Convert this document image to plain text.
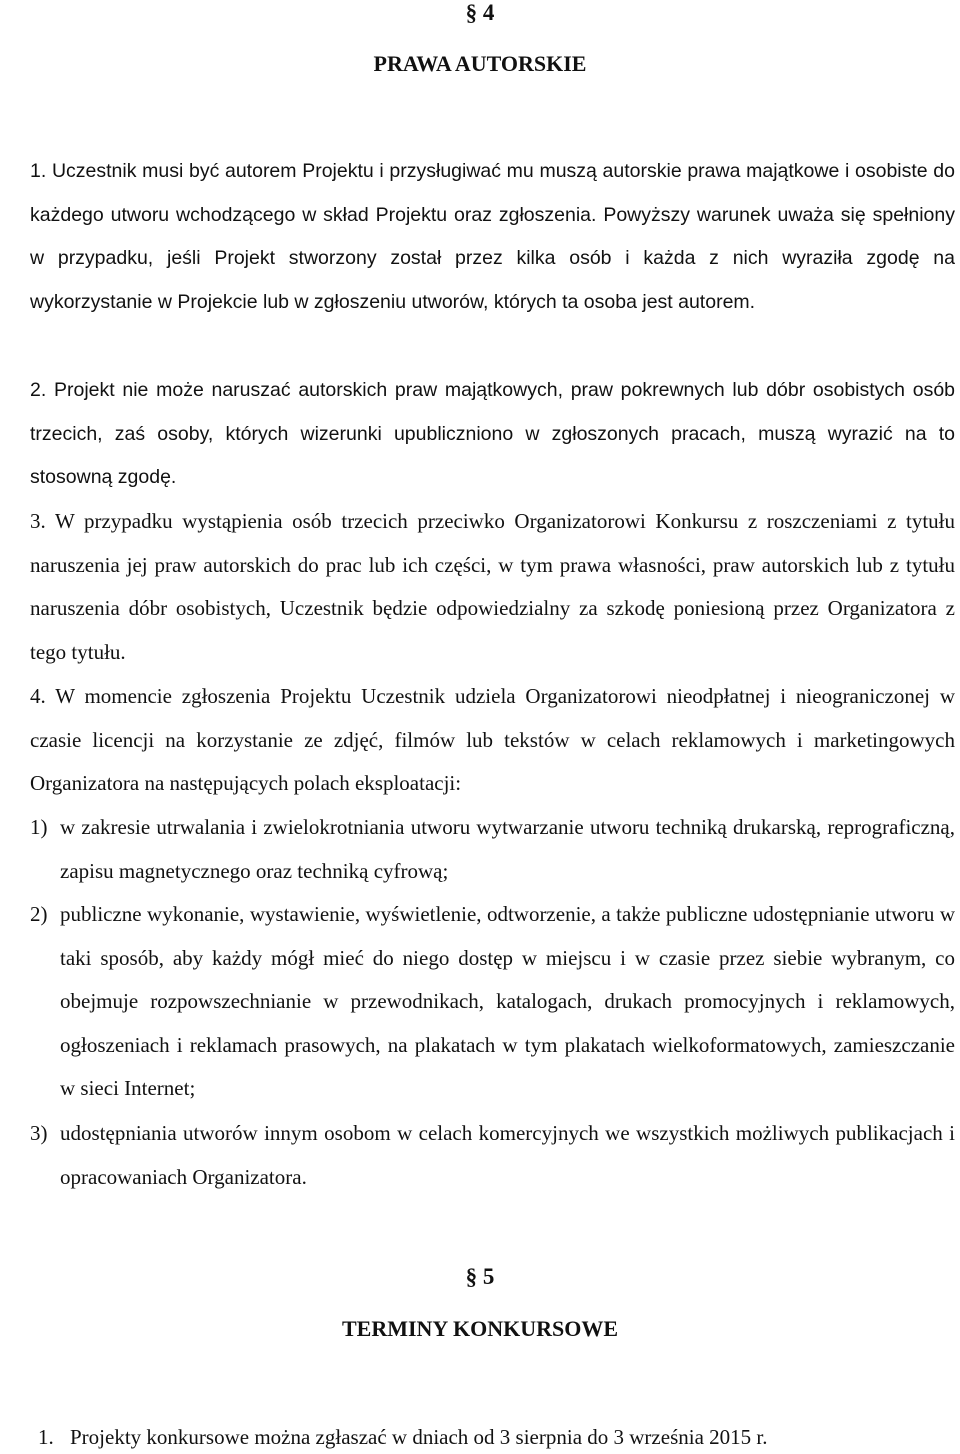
§ 4
PRAWA AUTORSKIE
1. Uczestnik musi być autorem Projektu i przysługiwać mu muszą autorskie prawa majątkowe i osobiste do każdego utworu wchodzącego w skład Projektu oraz zgłoszenia. Powyższy warunek uważa się spełniony w przypadku, jeśli Projekt stworzony został przez kilka osób i każda z nich wyraziła zgodę na wykorzystanie w Projekcie lub w zgłoszeniu utworów, których ta osoba jest autorem.
2. Projekt nie może naruszać autorskich praw majątkowych, praw pokrewnych lub dóbr osobistych osób trzecich, zaś osoby, których wizerunki upubliczniono w zgłoszonych pracach, muszą wyrazić na to stosowną zgodę.
3. W przypadku wystąpienia osób trzecich przeciwko Organizatorowi Konkursu z roszczeniami z tytułu naruszenia jej praw autorskich do prac lub ich części, w tym prawa własności, praw autorskich lub z tytułu naruszenia dóbr osobistych, Uczestnik będzie odpowiedzialny za szkodę poniesioną przez Organizatora z tego tytułu.
4. W momencie zgłoszenia Projektu Uczestnik udziela Organizatorowi nieodpłatnej i nieograniczonej w czasie licencji na korzystanie ze zdjęć, filmów lub tekstów w celach reklamowych i marketingowych Organizatora na następujących polach eksploatacji:
1) w zakresie utrwalania i zwielokrotniania utworu wytwarzanie utworu techniką drukarską, reprograficzną, zapisu magnetycznego oraz techniką cyfrową;
2) publiczne wykonanie, wystawienie, wyświetlenie, odtworzenie, a także publiczne udostępnianie utworu w taki sposób, aby każdy mógł mieć do niego dostęp w miejscu i w czasie przez siebie wybranym, co obejmuje rozpowszechnianie w przewodnikach, katalogach, drukach promocyjnych i reklamowych, ogłoszeniach i reklamach prasowych, na plakatach w tym plakatach wielkoformatowych, zamieszczanie w sieci Internet;
3) udostępniania utworów innym osobom w celach komercyjnych we wszystkich możliwych publikacjach i opracowaniach Organizatora.
§ 5
TERMINY KONKURSOWE
1. Projekty konkursowe można zgłaszać w dniach od 3 sierpnia do 3 września 2015 r.
